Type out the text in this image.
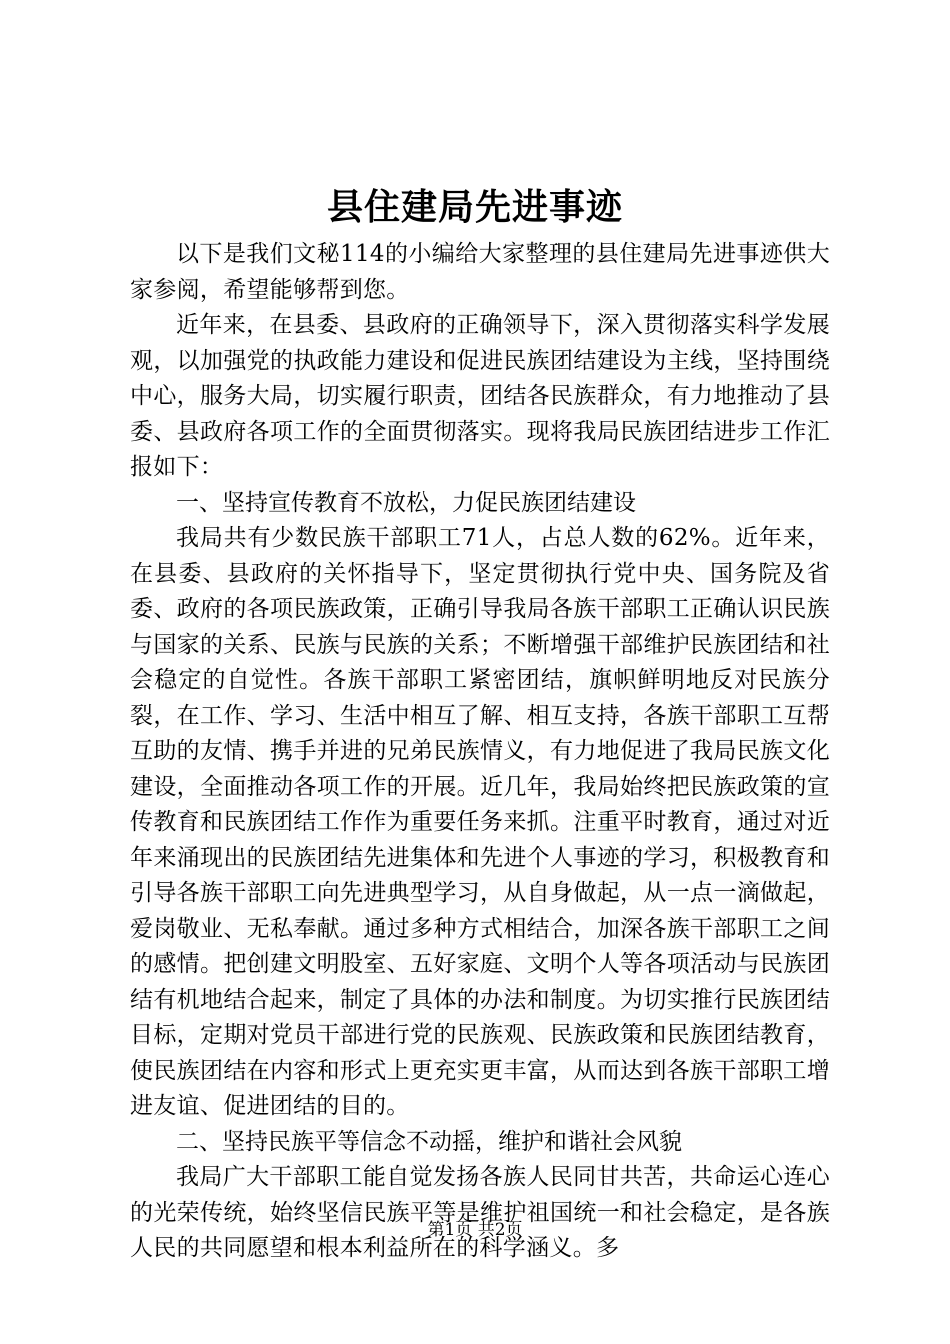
县住建局先进事迹

以下是我们文秘114的小编给大家整理的县住建局先进事迹供大家参阅，希望能够帮到您。

近年来，在县委、县政府的正确领导下，深入贯彻落实科学发展观，以加强党的执政能力建设和促进民族团结建设为主线，坚持围绕中心，服务大局，切实履行职责，团结各民族群众，有力地推动了县委、县政府各项工作的全面贯彻落实。现将我局民族团结进步工作汇报如下：

一、坚持宣传教育不放松，力促民族团结建设

我局共有少数民族干部职工71人，占总人数的62%。近年来，在县委、县政府的关怀指导下，坚定贯彻执行党中央、国务院及省委、政府的各项民族政策，正确引导我局各族干部职工正确认识民族与国家的关系、民族与民族的关系；不断增强干部维护民族团结和社会稳定的自觉性。各族干部职工紧密团结，旗帜鲜明地反对民族分裂，在工作、学习、生活中相互了解、相互支持，各族干部职工互帮互助的友情、携手并进的兄弟民族情义，有力地促进了我局民族文化建设，全面推动各项工作的开展。近几年，我局始终把民族政策的宣传教育和民族团结工作作为重要任务来抓。注重平时教育，通过对近年来涌现出的民族团结先进集体和先进个人事迹的学习，积极教育和引导各族干部职工向先进典型学习，从自身做起，从一点一滴做起，爱岗敬业、无私奉献。通过多种方式相结合，加深各族干部职工之间的感情。把创建文明股室、五好家庭、文明个人等各项活动与民族团结有机地结合起来，制定了具体的办法和制度。为切实推行民族团结目标，定期对党员干部进行党的民族观、民族政策和民族团结教育，使民族团结在内容和形式上更充实更丰富，从而达到各族干部职工增进友谊、促进团结的目的。

二、坚持民族平等信念不动摇，维护和谐社会风貌

我局广大干部职工能自觉发扬各族人民同甘共苦，共命运心连心的光荣传统，始终坚信民族平等是维护祖国统一和社会稳定，是各族人民的共同愿望和根本利益所在的科学涵义。多

第1页 共2页
